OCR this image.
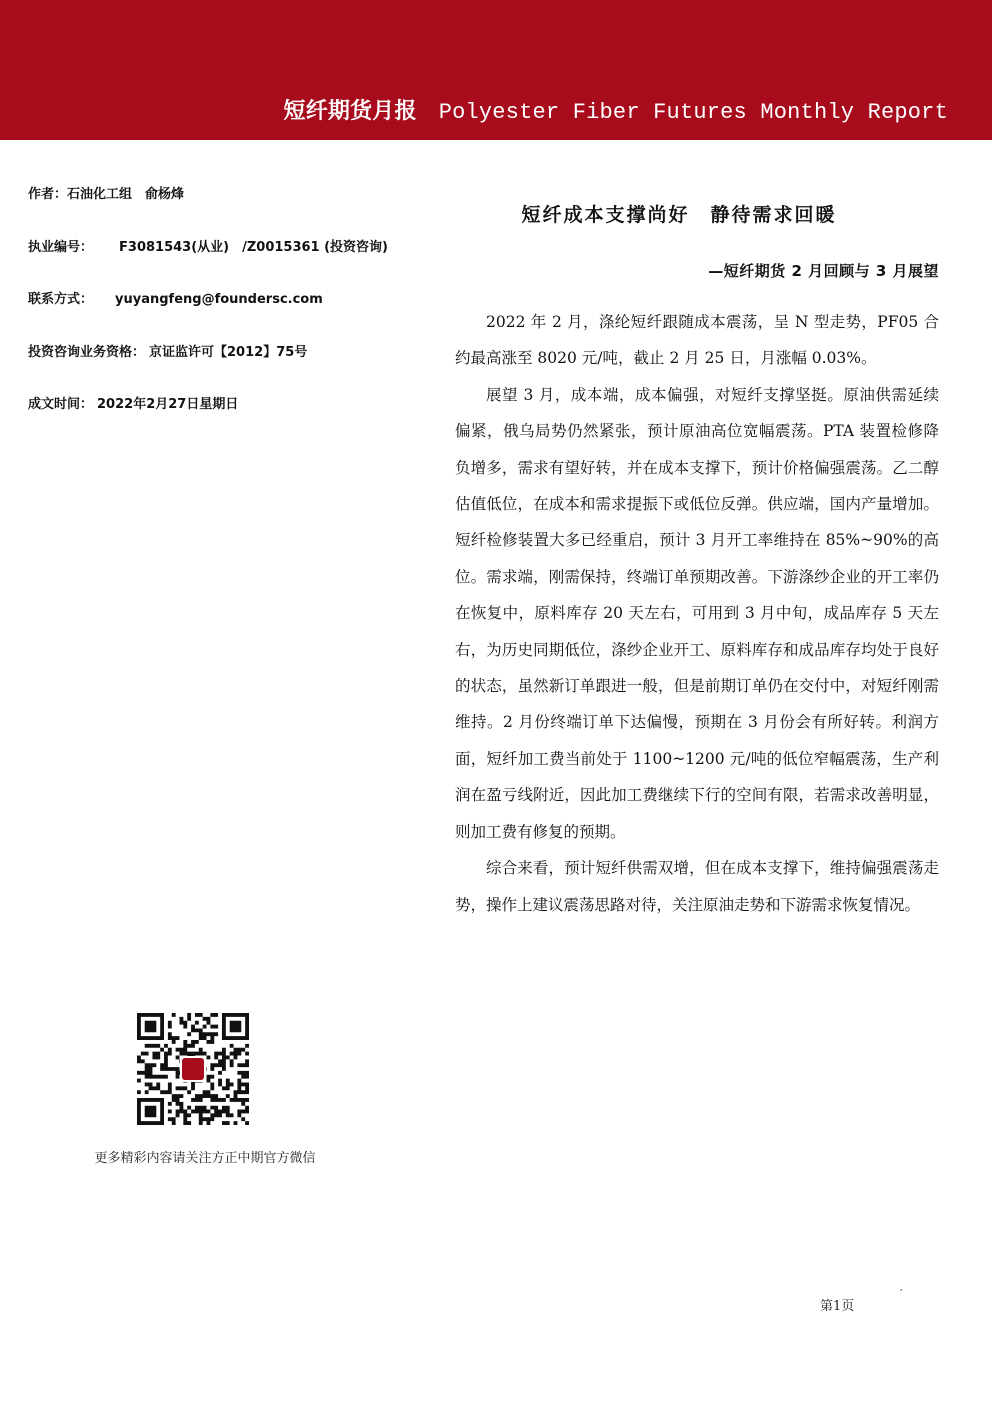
短纤期货月报 Polyester Fiber Futures Monthly Report
作者：石油化工组　俞杨烽
执业编号： F3081543(从业)　/Z0015361 (投资咨询)
联系方式： yuyangfeng@foundersc.com
投资咨询业务资格： 京证监许可【2012】75号
成文时间： 2022年2月27日星期日
短纤成本支撑尚好　静待需求回暖
—短纤期货 2 月回顾与 3 月展望

2022 年 2 月，涤纶短纤跟随成本震荡，呈 N 型走势，PF05 合约最高涨至 8020 元/吨，截止 2 月 25 日，月涨幅 0.03%。

展望 3 月，成本端，成本偏强，对短纤支撑坚挺。原油供需延续偏紧，俄乌局势仍然紧张，预计原油高位宽幅震荡。PTA 装置检修降负增多，需求有望好转，并在成本支撑下，预计价格偏强震荡。乙二醇估值低位，在成本和需求提振下或低位反弹。供应端，国内产量增加。短纤检修装置大多已经重启，预计 3 月开工率维持在 85%~90%的高位。需求端，刚需保持，终端订单预期改善。下游涤纱企业的开工率仍在恢复中，原料库存 20 天左右，可用到 3 月中旬，成品库存 5 天左右，为历史同期低位，涤纱企业开工、原料库存和成品库存均处于良好的状态，虽然新订单跟进一般，但是前期订单仍在交付中，对短纤刚需维持。2 月份终端订单下达偏慢，预期在 3 月份会有所好转。利润方面，短纤加工费当前处于 1100~1200 元/吨的低位窄幅震荡，生产利润在盈亏线附近，因此加工费继续下行的空间有限，若需求改善明显，则加工费有修复的预期。

综合来看，预计短纤供需双增，但在成本支撑下，维持偏强震荡走势，操作上建议震荡思路对待，关注原油走势和下游需求恢复情况。

更多精彩内容请关注方正中期官方微信
第1页
′
